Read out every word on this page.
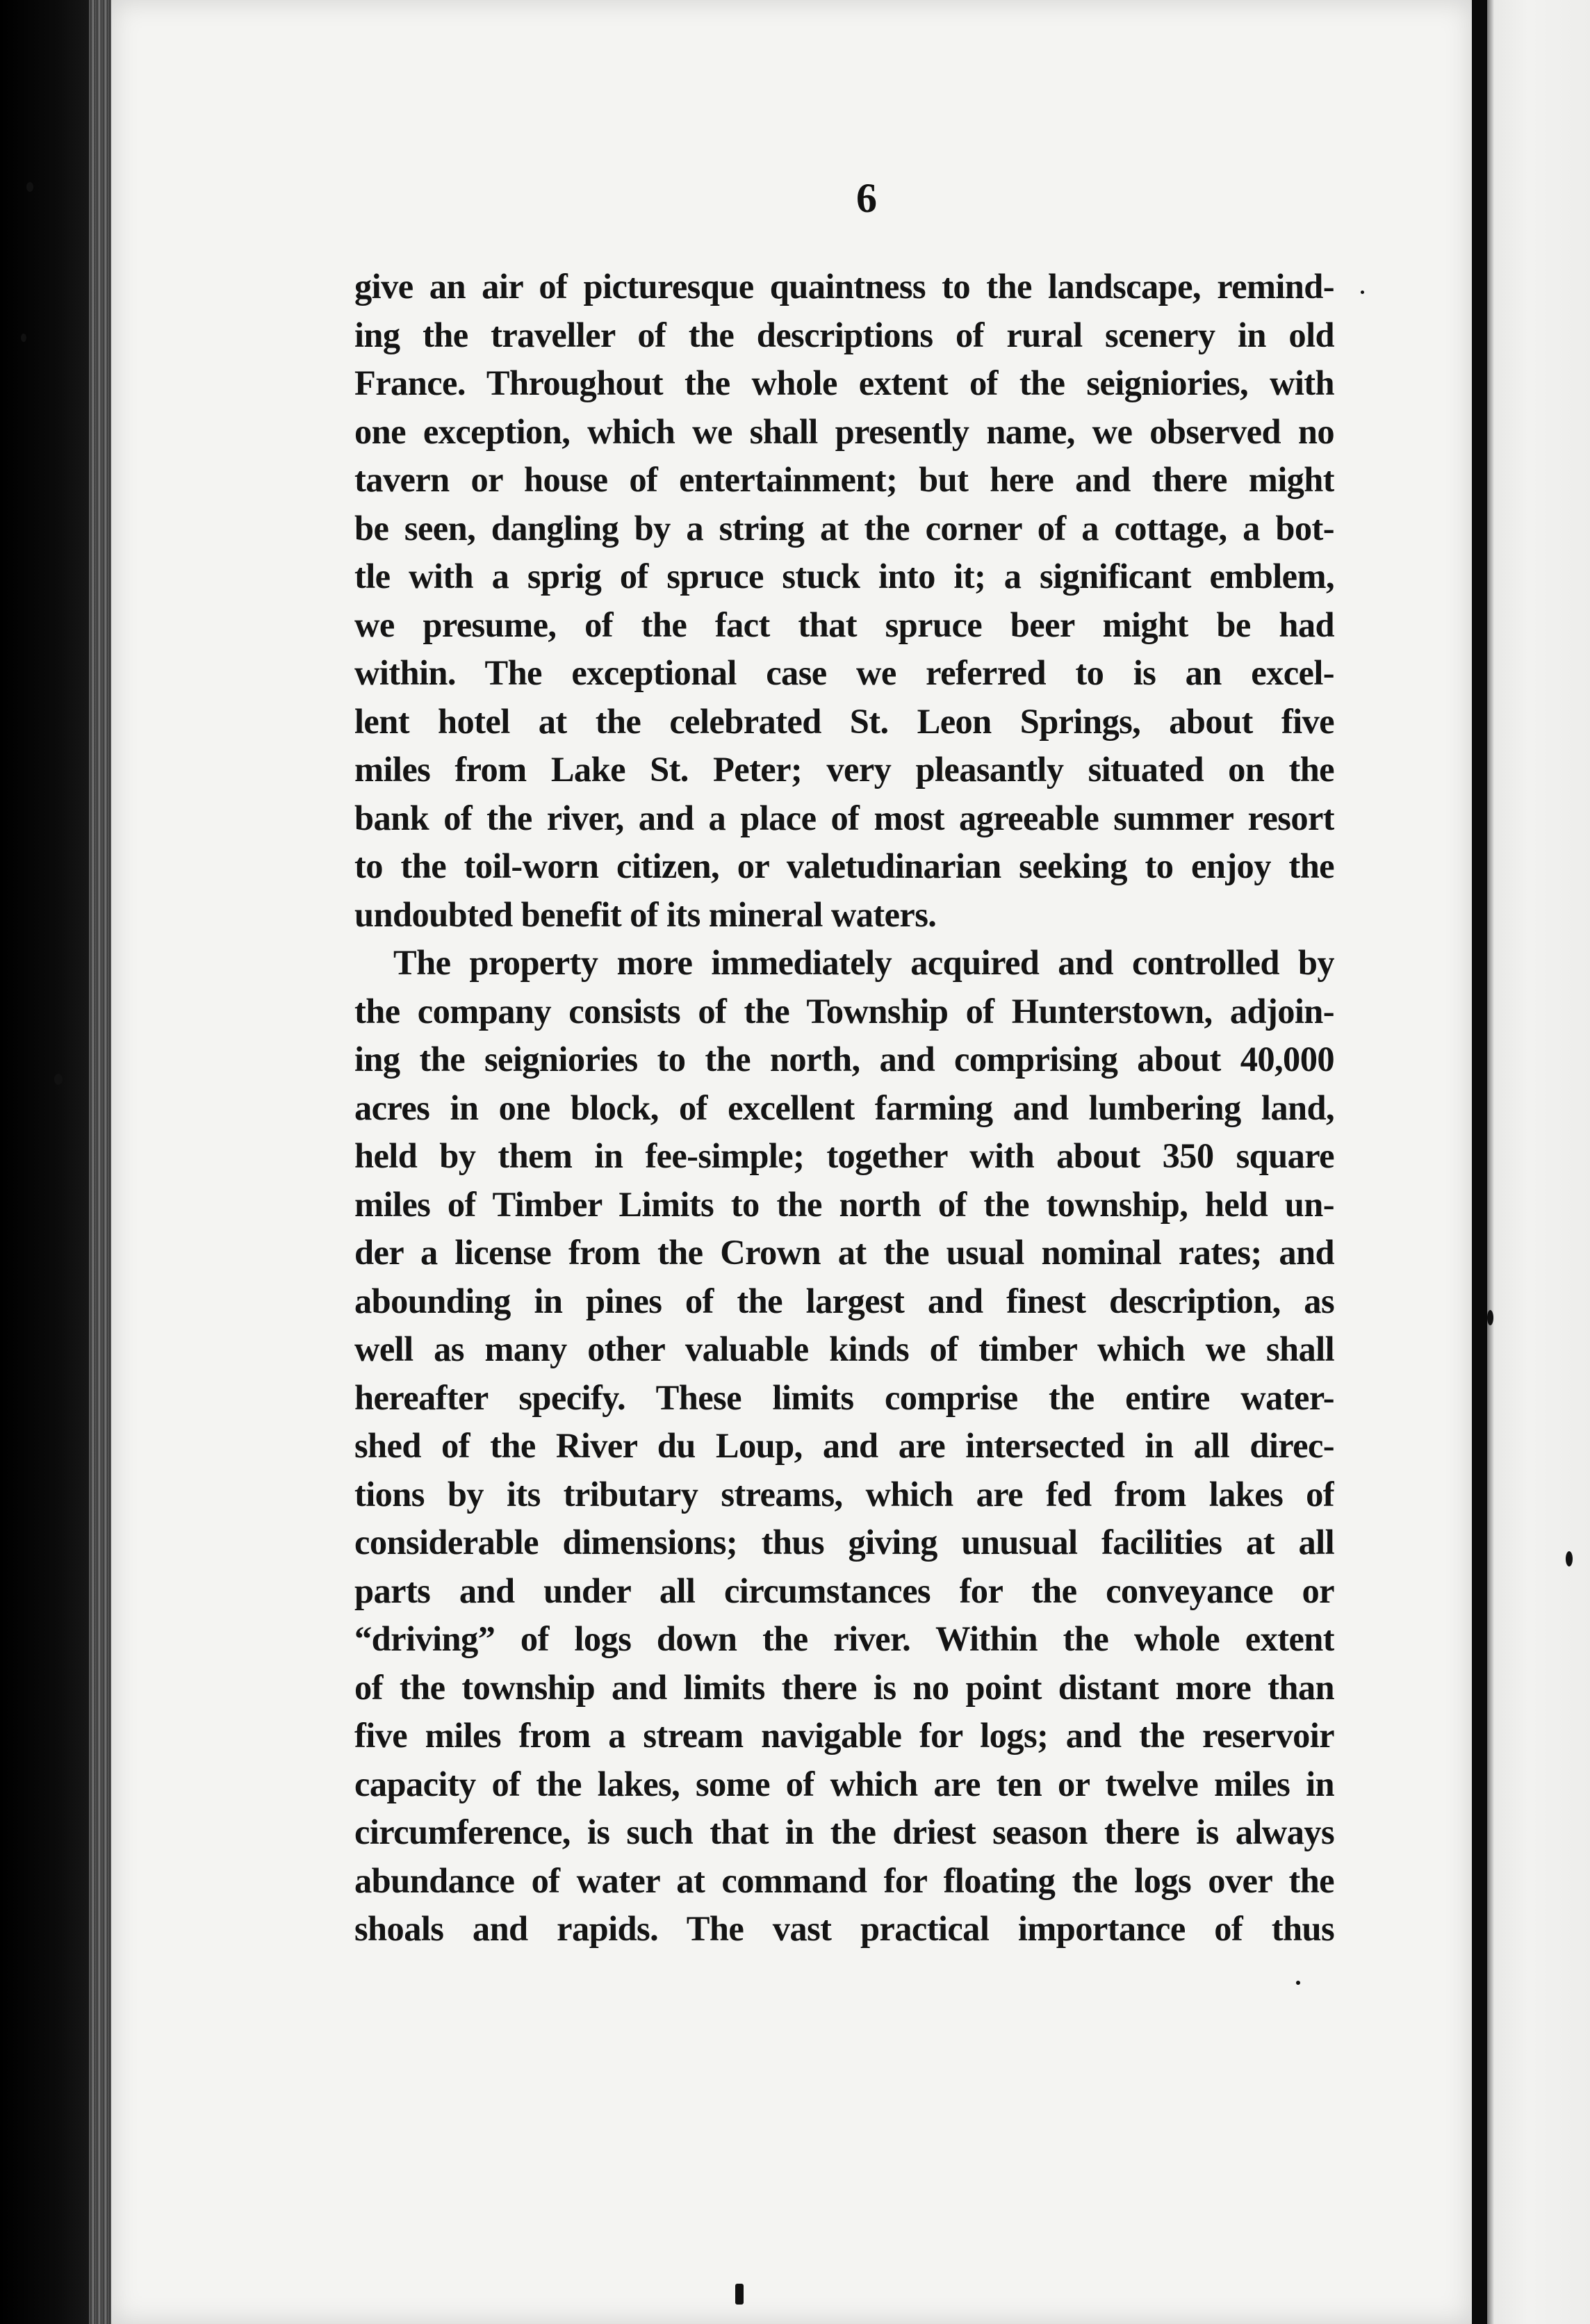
6
give an air of picturesque quaintness to the landscape, remind-
ing the traveller of the descriptions of rural scenery in old
France. Throughout the whole extent of the seigniories, with
one exception, which we shall presently name, we observed no
tavern or house of entertainment; but here and there might
be seen, dangling by a string at the corner of a cottage, a bot-
tle with a sprig of spruce stuck into it; a significant emblem,
we presume, of the fact that spruce beer might be had
within. The exceptional case we referred to is an excel-
lent hotel at the celebrated St. Leon Springs, about five
miles from Lake St. Peter; very pleasantly situated on the
bank of the river, and a place of most agreeable summer resort
to the toil-worn citizen, or valetudinarian seeking to enjoy the
undoubted benefit of its mineral waters.
The property more immediately acquired and controlled by
the company consists of the Township of Hunterstown, adjoin-
ing the seigniories to the north, and comprising about 40,000
acres in one block, of excellent farming and lumbering land,
held by them in fee-simple; together with about 350 square
miles of Timber Limits to the north of the township, held un-
der a license from the Crown at the usual nominal rates; and
abounding in pines of the largest and finest description, as
well as many other valuable kinds of timber which we shall
hereafter specify. These limits comprise the entire water-
shed of the River du Loup, and are intersected in all direc-
tions by its tributary streams, which are fed from lakes of
considerable dimensions; thus giving unusual facilities at all
parts and under all circumstances for the conveyance or
“driving” of logs down the river. Within the whole extent
of the township and limits there is no point distant more than
five miles from a stream navigable for logs; and the reservoir
capacity of the lakes, some of which are ten or twelve miles in
circumference, is such that in the driest season there is always
abundance of water at command for floating the logs over the
shoals and rapids. The vast practical importance of thus
